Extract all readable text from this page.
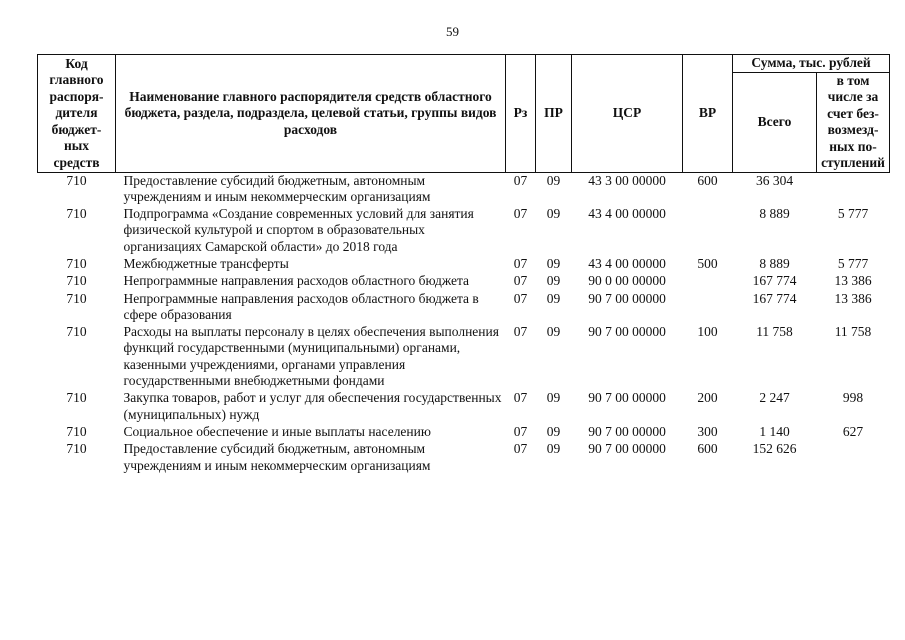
59
Код главного распоря-дителя бюджет-ных средств	Наименование главного распорядителя средств областного бюджета, раздела, подраздела, целевой статьи, группы видов расходов	Рз	ПР	ЦСР	ВР	Сумма, тыс. рублей	
						Всего	в том числе за счет без-возмезд-ных по-ступлений
710	Предоставление субсидий бюджетным, автономным учреждениям и иным некоммерческим организациям	07	09	43 3 00 00000	600	36 304	
710	Подпрограмма «Создание современных условий для занятия физической культурой и спортом в образовательных организациях Самарской области» до 2018 года	07	09	43 4 00 00000		8 889	5 777
710	Межбюджетные трансферты	07	09	43 4 00 00000	500	8 889	5 777
710	Непрограммные направления расходов областного бюджета	07	09	90 0 00 00000		167 774	13 386
710	Непрограммные направления расходов областного бюджета в сфере образования	07	09	90 7 00 00000		167 774	13 386
710	Расходы на выплаты персоналу в целях обеспечения выполнения функций государственными (муниципальными) органами, казенными учреждениями, органами управления государственными внебюджетными фондами	07	09	90 7 00 00000	100	11 758	11 758
710	Закупка товаров, работ и услуг для обеспечения государственных (муниципальных) нужд	07	09	90 7 00 00000	200	2 247	998
710	Социальное обеспечение и иные выплаты населению	07	09	90 7 00 00000	300	1 140	627
710	Предоставление субсидий бюджетным, автономным учреждениям и иным некоммерческим организациям	07	09	90 7 00 00000	600	152 626	
